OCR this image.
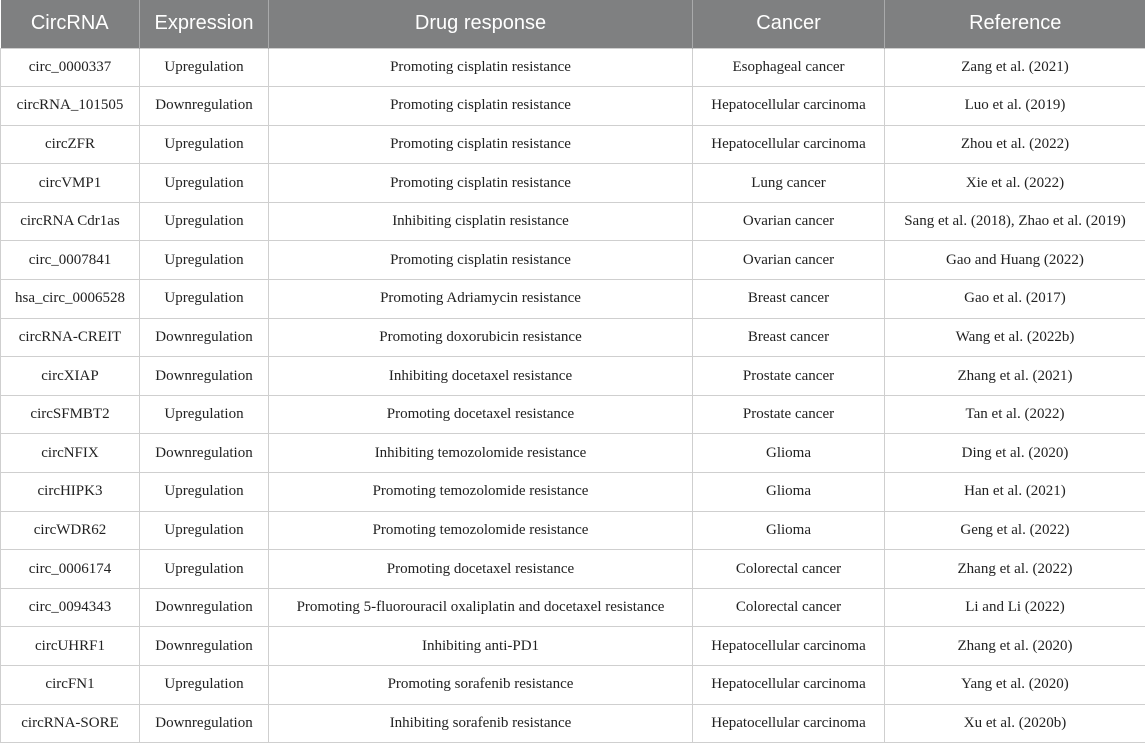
CircRNA	Expression	Drug response	Cancer	Reference
circ_0000337	Upregulation	Promoting cisplatin resistance	Esophageal cancer	Zang et al. (2021)
circRNA_101505	Downregulation	Promoting cisplatin resistance	Hepatocellular carcinoma	Luo et al. (2019)
circZFR	Upregulation	Promoting cisplatin resistance	Hepatocellular carcinoma	Zhou et al. (2022)
circVMP1	Upregulation	Promoting cisplatin resistance	Lung cancer	Xie et al. (2022)
circRNA Cdr1as	Upregulation	Inhibiting cisplatin resistance	Ovarian cancer	Sang et al. (2018), Zhao et al. (2019)
circ_0007841	Upregulation	Promoting cisplatin resistance	Ovarian cancer	Gao and Huang (2022)
hsa_circ_0006528	Upregulation	Promoting Adriamycin resistance	Breast cancer	Gao et al. (2017)
circRNA-CREIT	Downregulation	Promoting doxorubicin resistance	Breast cancer	Wang et al. (2022b)
circXIAP	Downregulation	Inhibiting docetaxel resistance	Prostate cancer	Zhang et al. (2021)
circSFMBT2	Upregulation	Promoting docetaxel resistance	Prostate cancer	Tan et al. (2022)
circNFIX	Downregulation	Inhibiting temozolomide resistance	Glioma	Ding et al. (2020)
circHIPK3	Upregulation	Promoting temozolomide resistance	Glioma	Han et al. (2021)
circWDR62	Upregulation	Promoting temozolomide resistance	Glioma	Geng et al. (2022)
circ_0006174	Upregulation	Promoting docetaxel resistance	Colorectal cancer	Zhang et al. (2022)
circ_0094343	Downregulation	Promoting 5-fluorouracil oxaliplatin and docetaxel resistance	Colorectal cancer	Li and Li (2022)
circUHRF1	Downregulation	Inhibiting anti-PD1	Hepatocellular carcinoma	Zhang et al. (2020)
circFN1	Upregulation	Promoting sorafenib resistance	Hepatocellular carcinoma	Yang et al. (2020)
circRNA-SORE	Downregulation	Inhibiting sorafenib resistance	Hepatocellular carcinoma	Xu et al. (2020b)
